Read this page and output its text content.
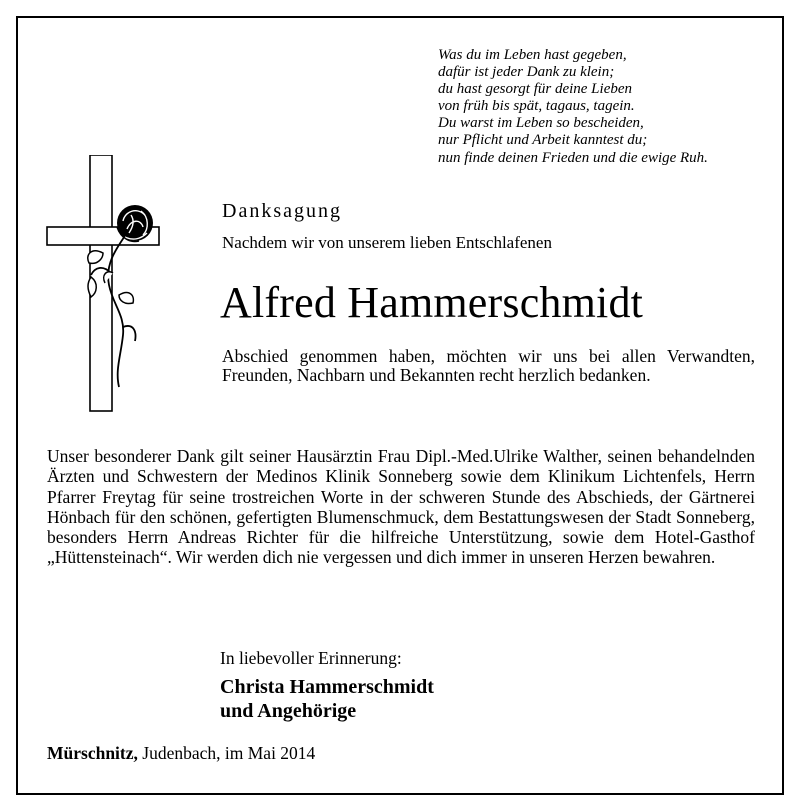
Was du im Leben hast gegeben,
dafür ist jeder Dank zu klein;
du hast gesorgt für deine Lieben
von früh bis spät, tagaus, tagein.
Du warst im Leben so bescheiden,
nur Pflicht und Arbeit kanntest du;
nun finde deinen Frieden und die ewige Ruh.
Danksagung
Nachdem wir von unserem lieben Entschlafenen
Alfred Hammerschmidt

Abschied genommen haben, möchten wir uns bei allen Verwandten, Freunden, Nachbarn und Bekannten recht herzlich bedanken.

Unser besonderer Dank gilt seiner Hausärztin Frau Dipl.-Med.Ulrike Walther, seinen behandelnden Ärzten und Schwestern der Medinos Klinik Sonneberg sowie dem Klinikum Lichtenfels, Herrn Pfarrer Freytag für seine trostreichen Worte in der schweren Stunde des Abschieds, der Gärtnerei Hönbach für den schönen, gefertigten Blumenschmuck, dem Bestattungswesen der Stadt Sonneberg, besonders Herrn Andreas Richter für die hilfreiche Unterstützung, sowie dem Hotel-Gasthof „Hüttensteinach“. Wir werden dich nie vergessen und dich immer in unseren Herzen bewahren.

In liebevoller Erinnerung:
Christa Hammerschmidt
und Angehörige
Mürschnitz, Judenbach, im Mai 2014
